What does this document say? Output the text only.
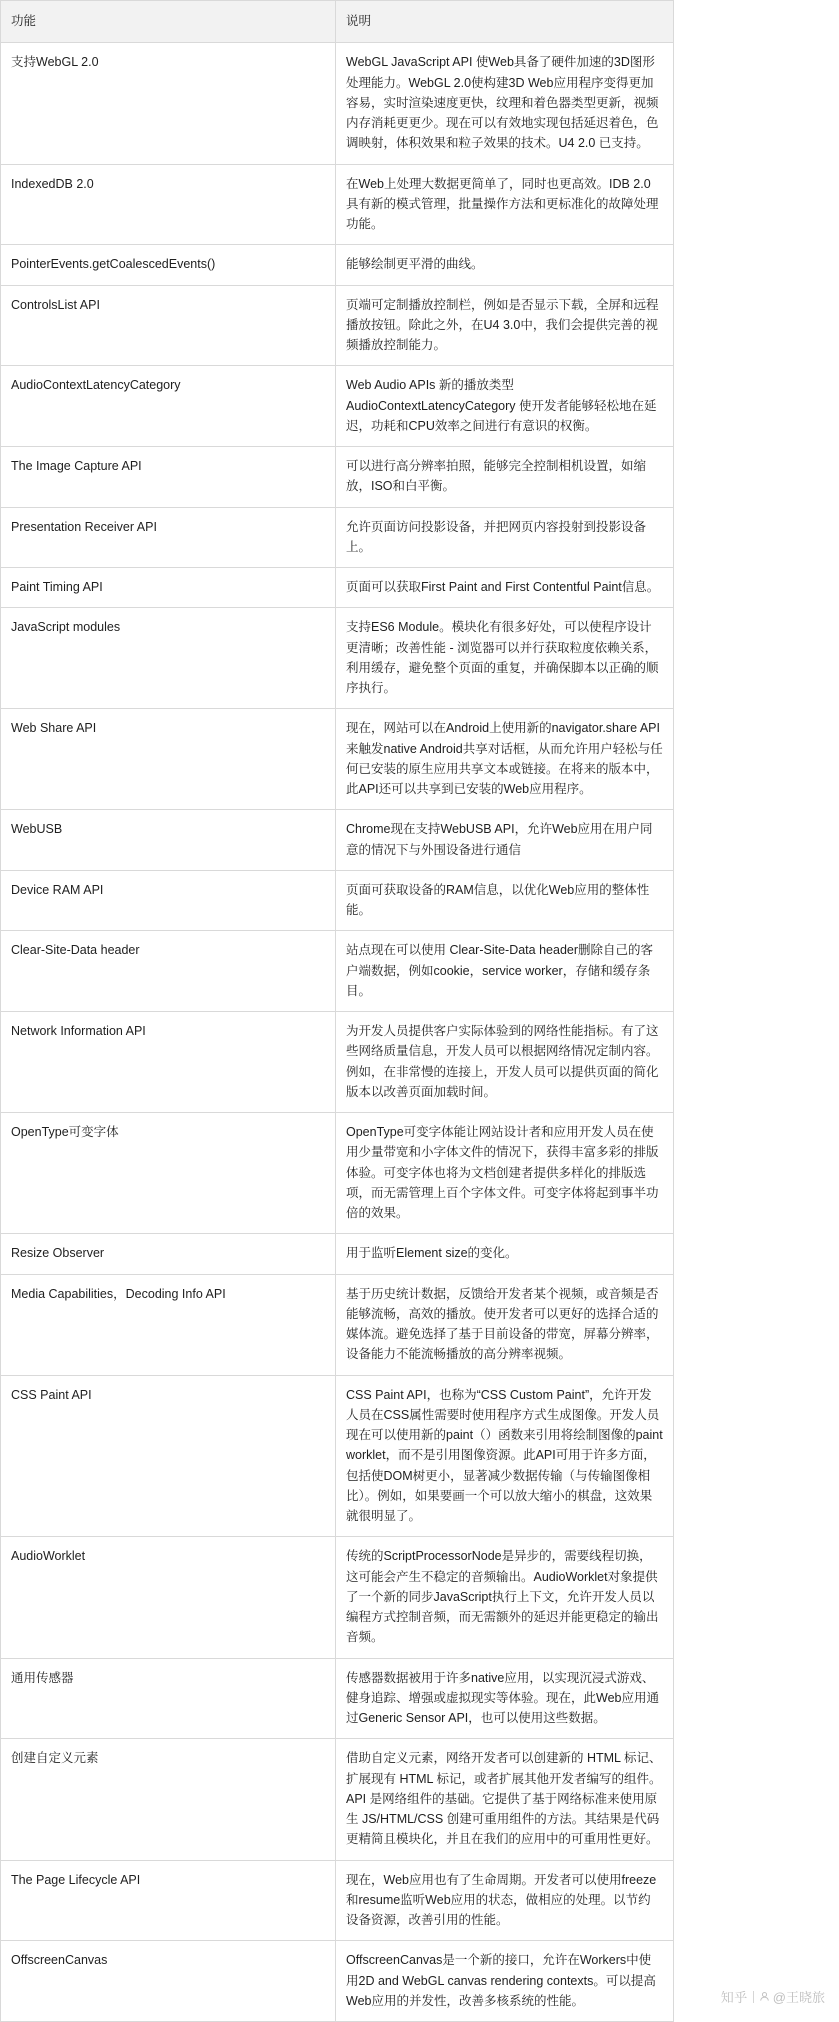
功能	说明
支持WebGL 2.0	WebGL JavaScript API 使Web具备了硬件加速的3D图形处理能力。WebGL 2.0使构建3D Web应用程序变得更加容易，实时渲染速度更快，纹理和着色器类型更新，视频内存消耗更更少。现在可以有效地实现包括延迟着色，色调映射，体积效果和粒子效果的技术。U4 2.0 已支持。
IndexedDB 2.0	在Web上处理大数据更简单了，同时也更高效。IDB 2.0具有新的模式管理，批量操作方法和更标准化的故障处理功能。
PointerEvents.getCoalescedEvents()	能够绘制更平滑的曲线。
ControlsList API	页端可定制播放控制栏，例如是否显示下载，全屏和远程播放按钮。除此之外，在U4 3.0中，我们会提供完善的视频播放控制能力。
AudioContextLatencyCategory	Web Audio APIs 新的播放类型 AudioContextLatencyCategory 使开发者能够轻松地在延迟，功耗和CPU效率之间进行有意识的权衡。
The Image Capture API	可以进行高分辨率拍照，能够完全控制相机设置，如缩放，ISO和白平衡。
Presentation Receiver API	允许页面访问投影设备，并把网页内容投射到投影设备上。
Paint Timing API	页面可以获取First Paint and First Contentful Paint信息。
JavaScript modules	支持ES6 Module。模块化有很多好处，可以使程序设计更清晰；改善性能 - 浏览器可以并行获取粒度依赖关系，利用缓存，避免整个页面的重复，并确保脚本以正确的顺序执行。
Web Share API	现在，网站可以在Android上使用新的navigator.share API来触发native Android共享对话框，从而允许用户轻松与任何已安装的原生应用共享文本或链接。在将来的版本中，此API还可以共享到已安装的Web应用程序。
WebUSB	Chrome现在支持WebUSB API，允许Web应用在用户同意的情况下与外围设备进行通信
Device RAM API	页面可获取设备的RAM信息，以优化Web应用的整体性能。
Clear-Site-Data header	站点现在可以使用 Clear-Site-Data header删除自己的客户端数据，例如cookie，service worker，存储和缓存条目。
Network Information API	为开发人员提供客户实际体验到的网络性能指标。有了这些网络质量信息，开发人员可以根据网络情况定制内容。例如，在非常慢的连接上，开发人员可以提供页面的简化版本以改善页面加载时间。
OpenType可变字体	OpenType可变字体能让网站设计者和应用开发人员在使用少量带宽和小字体文件的情况下，获得丰富多彩的排版体验。可变字体也将为文档创建者提供多样化的排版选项，而无需管理上百个字体文件。可变字体将起到事半功倍的效果。
Resize Observer	用于监听Element size的变化。
Media Capabilities，Decoding Info API	基于历史统计数据，反馈给开发者某个视频，或音频是否能够流畅，高效的播放。使开发者可以更好的选择合适的媒体流。避免选择了基于目前设备的带宽，屏幕分辨率，设备能力不能流畅播放的高分辨率视频。
CSS Paint API	CSS Paint API，也称为“CSS Custom Paint”，允许开发人员在CSS属性需要时使用程序方式生成图像。开发人员现在可以使用新的paint（）函数来引用将绘制图像的paint worklet，而不是引用图像资源。此API可用于许多方面，包括使DOM树更小，显著减少数据传输（与传输图像相比）。例如，如果要画一个可以放大缩小的棋盘，这效果就很明显了。
AudioWorklet	传统的ScriptProcessorNode是异步的，需要线程切换，这可能会产生不稳定的音频输出。AudioWorklet对象提供了一个新的同步JavaScript执行上下文，允许开发人员以编程方式控制音频，而无需额外的延迟并能更稳定的输出音频。
通用传感器	传感器数据被用于许多native应用，以实现沉浸式游戏、健身追踪、增强或虚拟现实等体验。现在，此Web应用通过Generic Sensor API，也可以使用这些数据。
创建自定义元素	借助自定义元素，网络开发者可以创建新的 HTML 标记、扩展现有 HTML 标记，或者扩展其他开发者编写的组件。API 是网络组件的基础。它提供了基于网络标准来使用原生 JS/HTML/CSS 创建可重用组件的方法。其结果是代码更精简且模块化，并且在我们的应用中的可重用性更好。
The Page Lifecycle API	现在，Web应用也有了生命周期。开发者可以使用freeze和resume监听Web应用的状态，做相应的处理。以节约设备资源，改善引用的性能。
OffscreenCanvas	OffscreenCanvas是一个新的接口，允许在Workers中使用2D and WebGL canvas rendering contexts。可以提高Web应用的并发性，改善多核系统的性能。	知乎 @王晓旅
